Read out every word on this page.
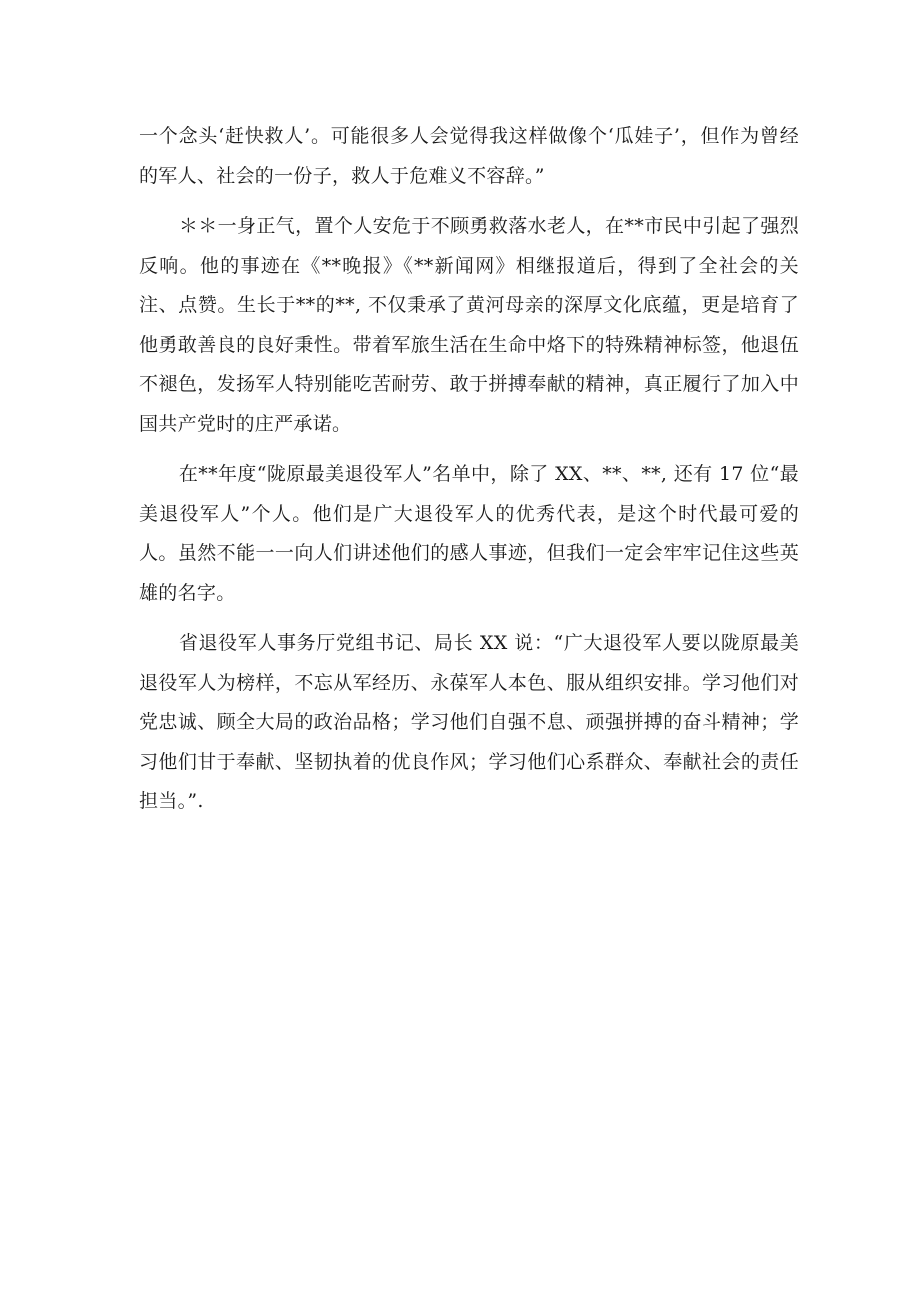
一个念头‘赶快救人’。可能很多人会觉得我这样做像个‘瓜娃子’，但作为曾经的军人、社会的一份子，救人于危难义不容辞。”

＊＊一身正气，置个人安危于不顾勇救落水老人，在**市民中引起了强烈反响。他的事迹在《**晚报》《**新闻网》相继报道后，得到了全社会的关注、点赞。生长于**的**, 不仅秉承了黄河母亲的深厚文化底蕴，更是培育了他勇敢善良的良好秉性。带着军旅生活在生命中烙下的特殊精神标签，他退伍不褪色，发扬军人特别能吃苦耐劳、敢于拼搏奉献的精神，真正履行了加入中国共产党时的庄严承诺。

在**年度“陇原最美退役军人”名单中，除了 XX、**、**, 还有 17 位“最美退役军人”个人。他们是广大退役军人的优秀代表，是这个时代最可爱的人。虽然不能一一向人们讲述他们的感人事迹，但我们一定会牢牢记住这些英雄的名字。

省退役军人事务厅党组书记、局长 XX 说：“广大退役军人要以陇原最美退役军人为榜样，不忘从军经历、永葆军人本色、服从组织安排。学习他们对党忠诚、顾全大局的政治品格；学习他们自强不息、顽强拼搏的奋斗精神；学习他们甘于奉献、坚韧执着的优良作风；学习他们心系群众、奉献社会的责任担当。”.
